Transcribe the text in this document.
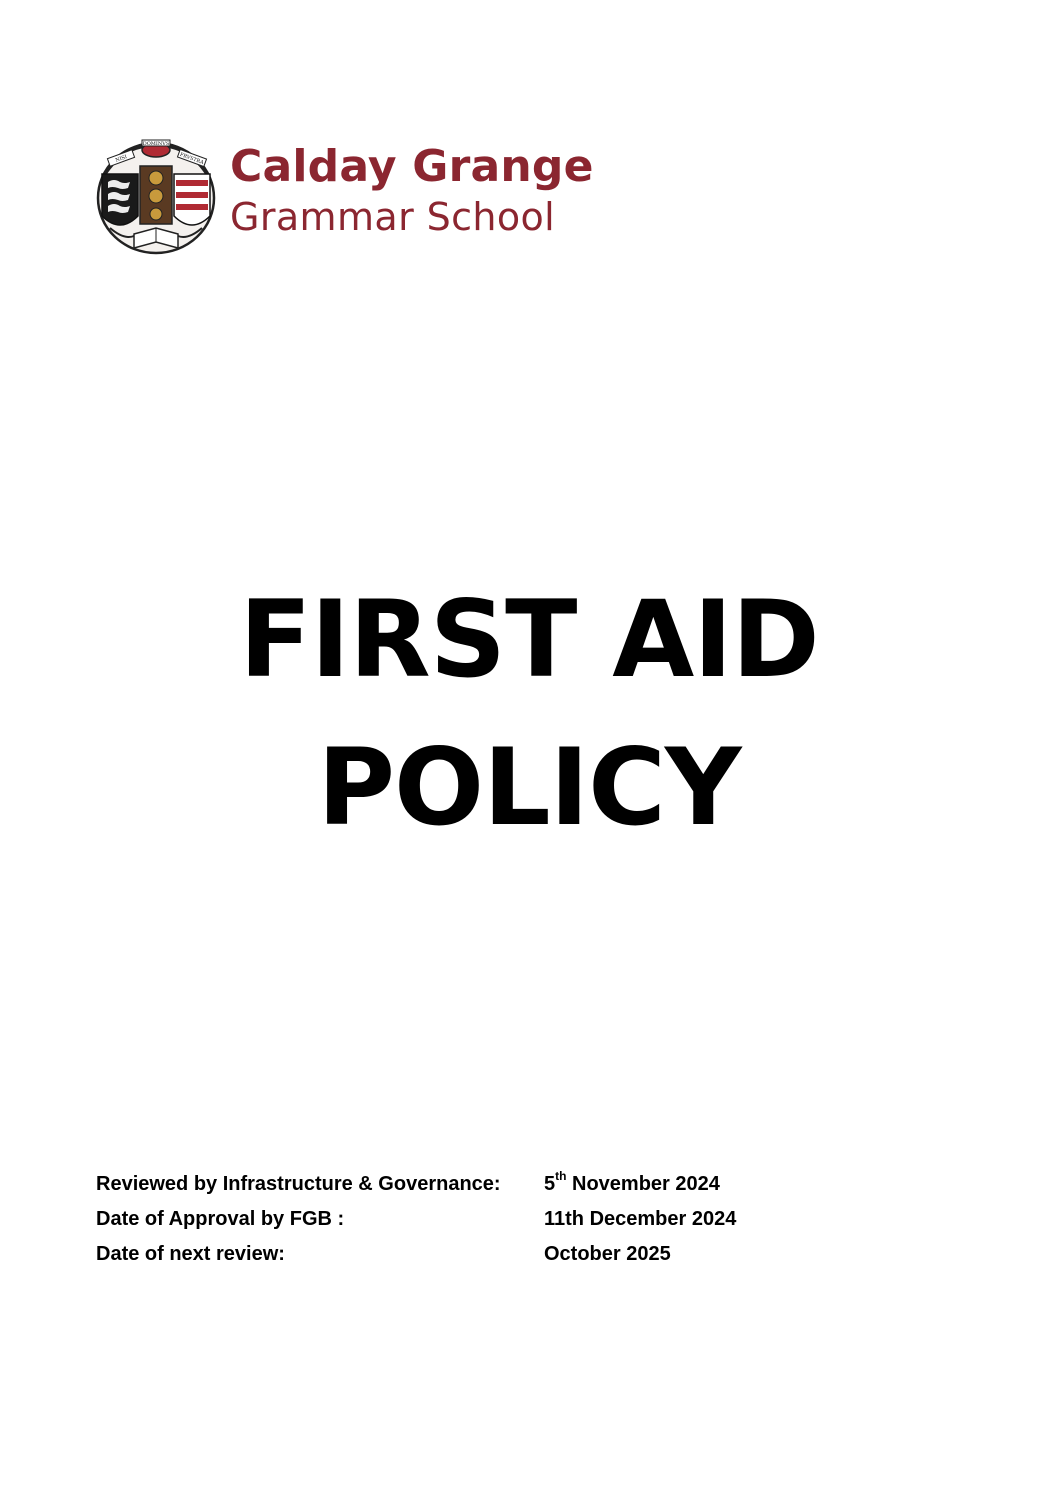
DOMINVS
NISI	FRVSTRA Calday Grange
Grammar School
FIRST AID
POLICY
Reviewed by Infrastructure & Governance: 5th November 2024
Date of Approval by FGB :	11th December 2024
Date of next review:	October 2025
